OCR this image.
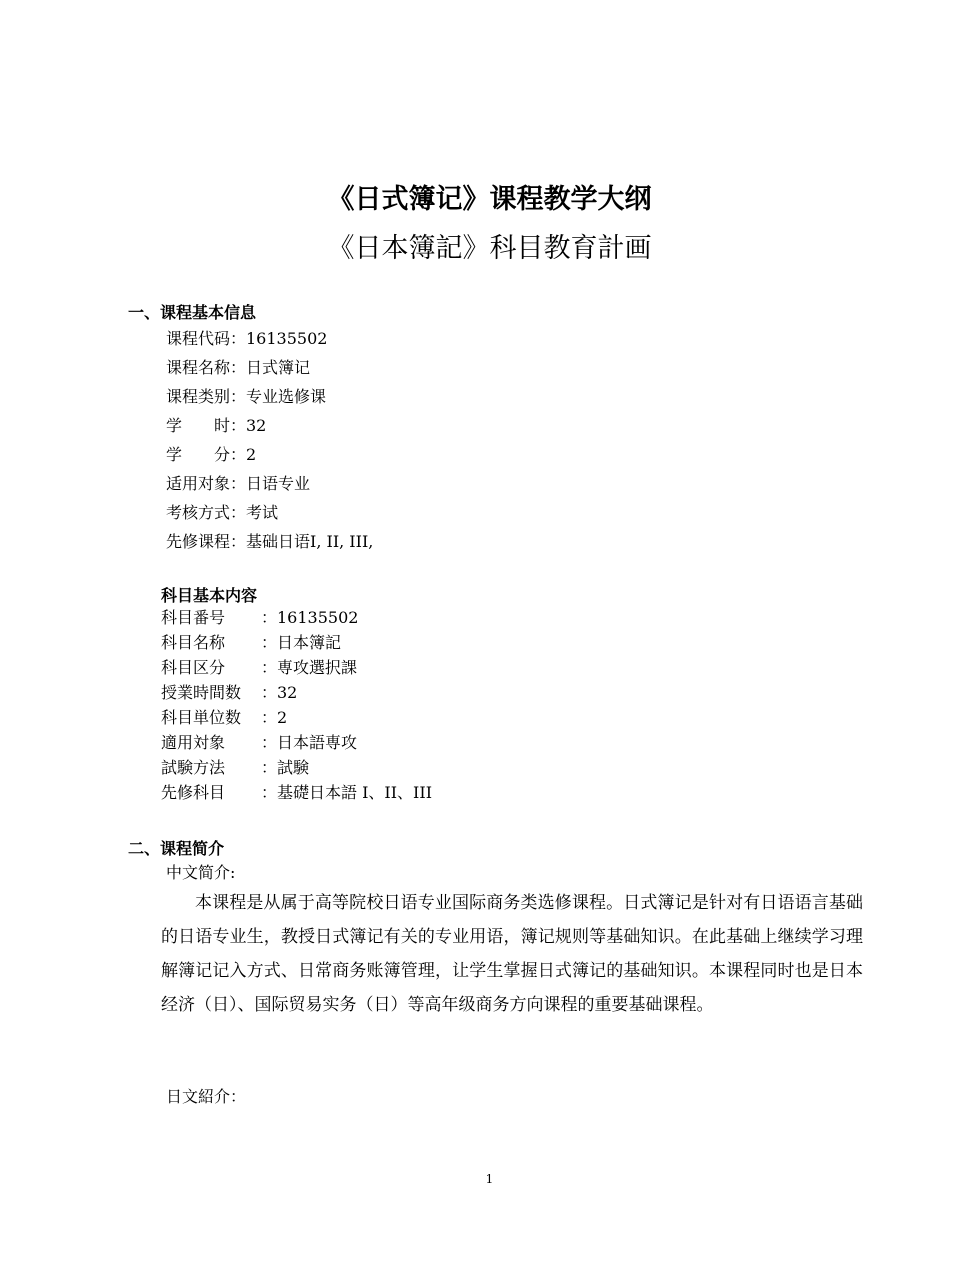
《日式簿记》课程教学大纲
《日本簿記》科目教育計画
一、课程基本信息
课程代码：16135502
课程名称：日式簿记
课程类别：专业选修课
学　　时：32
学　　分：2
适用对象：日语专业
考核方式：考试
先修课程：基础日语I, II, III,
科目基本内容
科目番号 ：16135502
科目名称 ：日本簿記
科目区分 ：専攻選択課
授業時間数 ：32
科目単位数 ：2
適用対象 ：日本語専攻
試験方法 ：試験
先修科目 ：基礎日本語 I、II、III
二、课程简介
中文简介:
本课程是从属于高等院校日语专业国际商务类选修课程。日式簿记是针对有日语语言基础的日语专业生，教授日式簿记有关的专业用语，簿记规则等基础知识。在此基础上继续学习理解簿记记入方式、日常商务账簿管理，让学生掌握日式簿记的基础知识。本课程同时也是日本经济（日）、国际贸易实务（日）等高年级商务方向课程的重要基础课程。
日文紹介：
1
